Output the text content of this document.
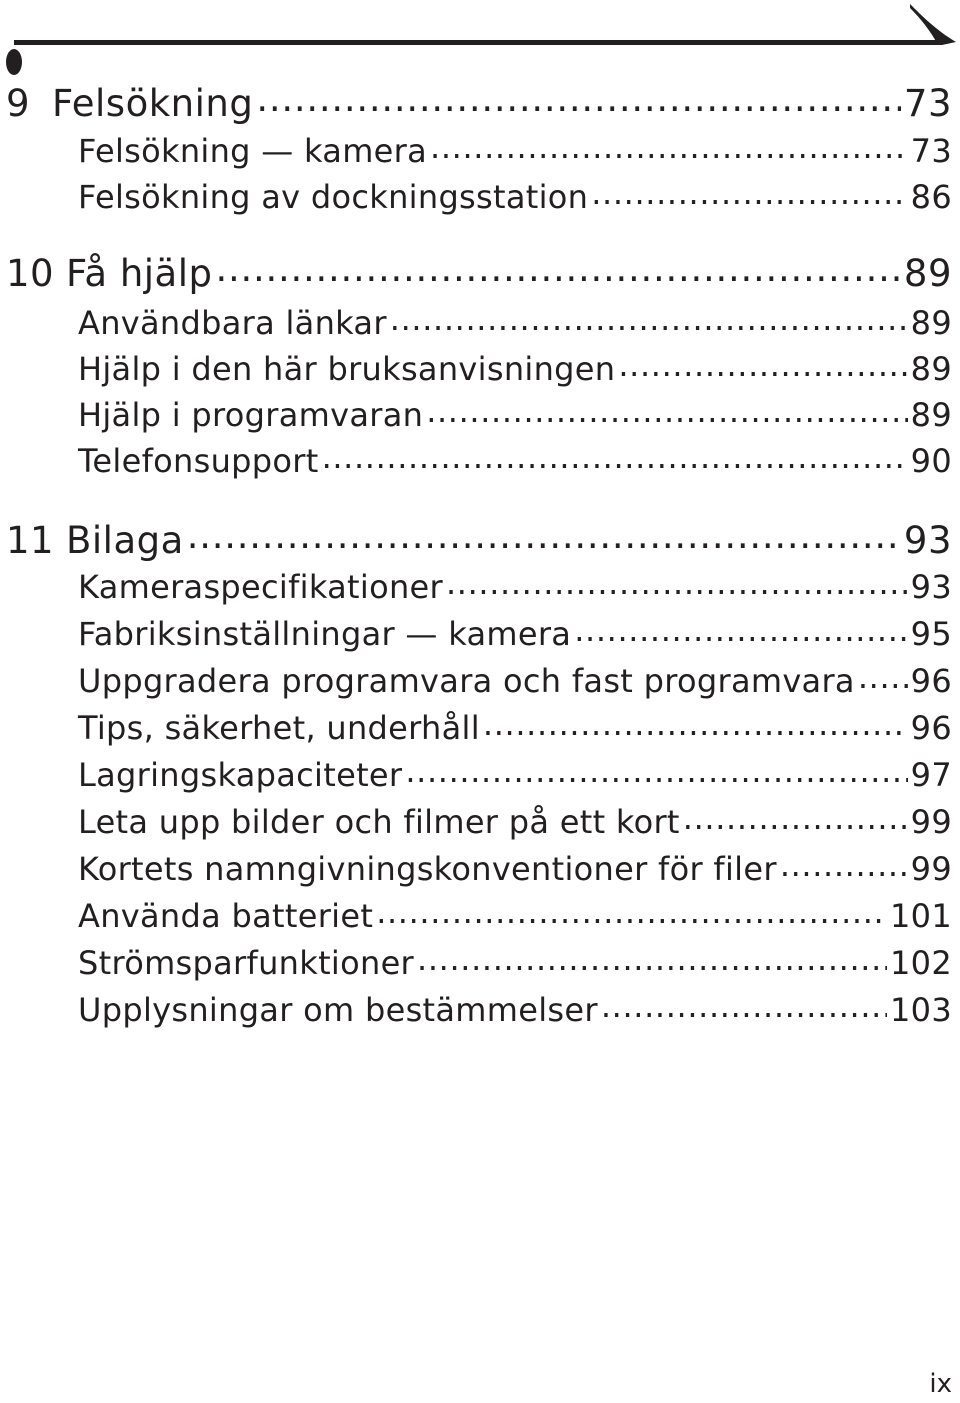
9 Felsökning .....	73
Felsökning — kamera .....	73
Felsökning av dockningsstation .....	86
10 Få hjälp .....	89
Användbara länkar .....	89
Hjälp i den här bruksanvisningen .....	89
Hjälp i programvaran .....	89
Telefonsupport .....	90
11 Bilaga .....	93
Kameraspecifikationer .....	93
Fabriksinställningar — kamera .....	95
Uppgradera programvara och fast programvara ..... 96
Tips, säkerhet, underhåll .....	96
Lagringskapaciteter .....	97
Leta upp bilder och filmer på ett kort .....	99
Kortets namngivningskonventioner för filer .....	99
Använda batteriet .....	101
Strömsparfunktioner .....	102
Upplysningar om bestämmelser .....	103
ix
